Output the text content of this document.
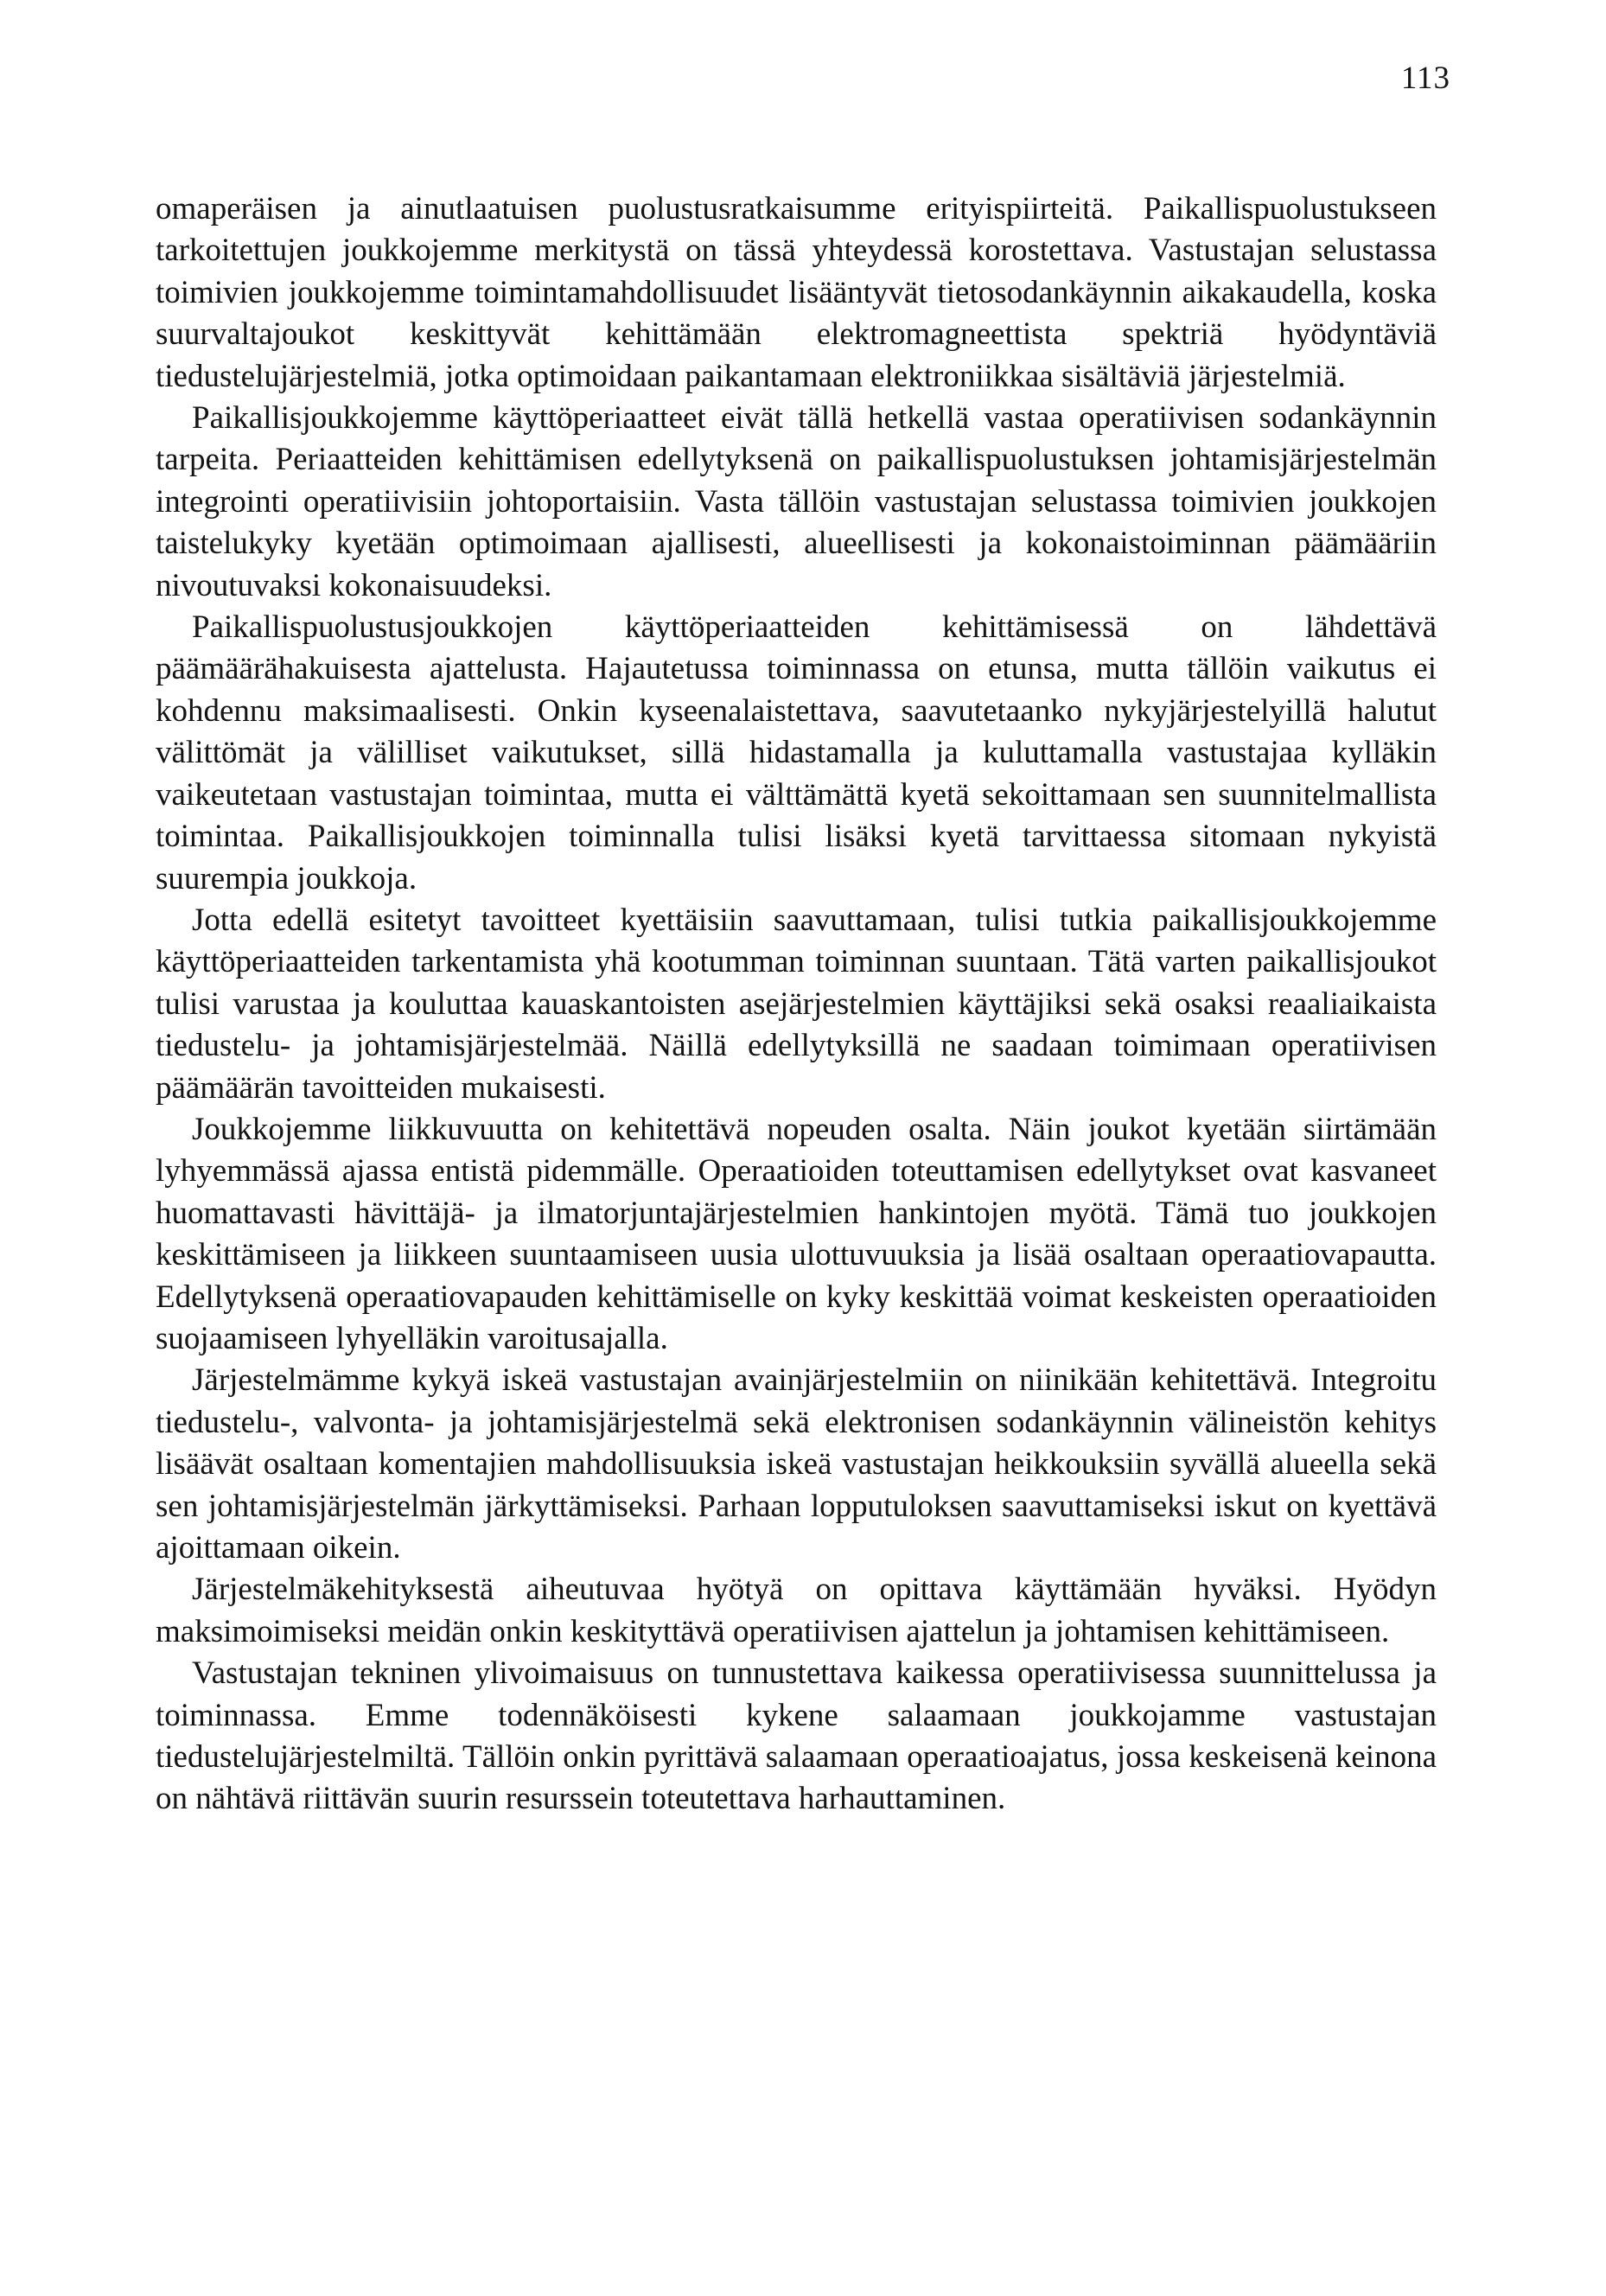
113

omaperäisen ja ainutlaatuisen puolustusratkaisumme erityispiirteitä. Paikallispuolustukseen tarkoitettujen joukkojemme merkitystä on tässä yhteydessä korostettava. Vastustajan selustassa toimivien joukkojemme toimintamahdollisuudet lisääntyvät tietosodankäynnin aikakaudella, koska suurvaltajoukot keskittyvät kehittämään elektromagneettista spektriä hyödyntäviä tiedustelujärjestelmiä, jotka optimoidaan paikantamaan elektroniikkaa sisältäviä järjestelmiä.

Paikallisjoukkojemme käyttöperiaatteet eivät tällä hetkellä vastaa operatiivisen sodankäynnin tarpeita. Periaatteiden kehittämisen edellytyksenä on paikallispuolustuksen johtamisjärjestelmän integrointi operatiivisiin johtoportaisiin. Vasta tällöin vastustajan selustassa toimivien joukkojen taistelukyky kyetään optimoimaan ajallisesti, alueellisesti ja kokonaistoiminnan päämääriin nivoutuvaksi kokonaisuudeksi.

Paikallispuolustusjoukkojen käyttöperiaatteiden kehittämisessä on lähdettävä päämäärähakuisesta ajattelusta. Hajautetussa toiminnassa on etunsa, mutta tällöin vaikutus ei kohdennu maksimaalisesti. Onkin kyseenalaistettava, saavutetaanko nykyjärjestelyillä halutut välittömät ja välilliset vaikutukset, sillä hidastamalla ja kuluttamalla vastustajaa kylläkin vaikeutetaan vastustajan toimintaa, mutta ei välttämättä kyetä sekoittamaan sen suunnitelmallista toimintaa. Paikallisjoukkojen toiminnalla tulisi lisäksi kyetä tarvittaessa sitomaan nykyistä suurempia joukkoja.

Jotta edellä esitetyt tavoitteet kyettäisiin saavuttamaan, tulisi tutkia paikallisjoukkojemme käyttöperiaatteiden tarkentamista yhä kootumman toiminnan suuntaan. Tätä varten paikallisjoukot tulisi varustaa ja kouluttaa kauaskantoisten asejärjestelmien käyttäjiksi sekä osaksi reaaliaikaista tiedustelu- ja johtamisjärjestelmää. Näillä edellytyksillä ne saadaan toimimaan operatiivisen päämäärän tavoitteiden mukaisesti.

Joukkojemme liikkuvuutta on kehitettävä nopeuden osalta. Näin joukot kyetään siirtämään lyhyemmässä ajassa entistä pidemmälle. Operaatioiden toteuttamisen edellytykset ovat kasvaneet huomattavasti hävittäjä- ja ilmatorjuntajärjestelmien hankintojen myötä. Tämä tuo joukkojen keskittämiseen ja liikkeen suuntaamiseen uusia ulottuvuuksia ja lisää osaltaan operaatiovapautta. Edellytyksenä operaatiovapauden kehittämiselle on kyky keskittää voimat keskeisten operaatioiden suojaamiseen lyhyelläkin varoitusajalla.

Järjestelmämme kykyä iskeä vastustajan avainjärjestelmiin on niinikään kehitettävä. Integroitu tiedustelu-, valvonta- ja johtamisjärjestelmä sekä elektronisen sodankäynnin välineistön kehitys lisäävät osaltaan komentajien mahdollisuuksia iskeä vastustajan heikkouksiin syvällä alueella sekä sen johtamisjärjestelmän järkyttämiseksi. Parhaan lopputuloksen saavuttamiseksi iskut on kyettävä ajoittamaan oikein.

Järjestelmäkehityksestä aiheutuvaa hyötyä on opittava käyttämään hyväksi. Hyödyn maksimoimiseksi meidän onkin keskityttävä operatiivisen ajattelun ja johtamisen kehittämiseen.

Vastustajan tekninen ylivoimaisuus on tunnustettava kaikessa operatiivisessa suunnittelussa ja toiminnassa. Emme todennäköisesti kykene salaamaan joukkojamme vastustajan tiedustelujärjestelmiltä. Tällöin onkin pyrittävä salaamaan operaatioajatus, jossa keskeisenä keinona on nähtävä riittävän suurin resurssein toteutettava harhauttaminen.
